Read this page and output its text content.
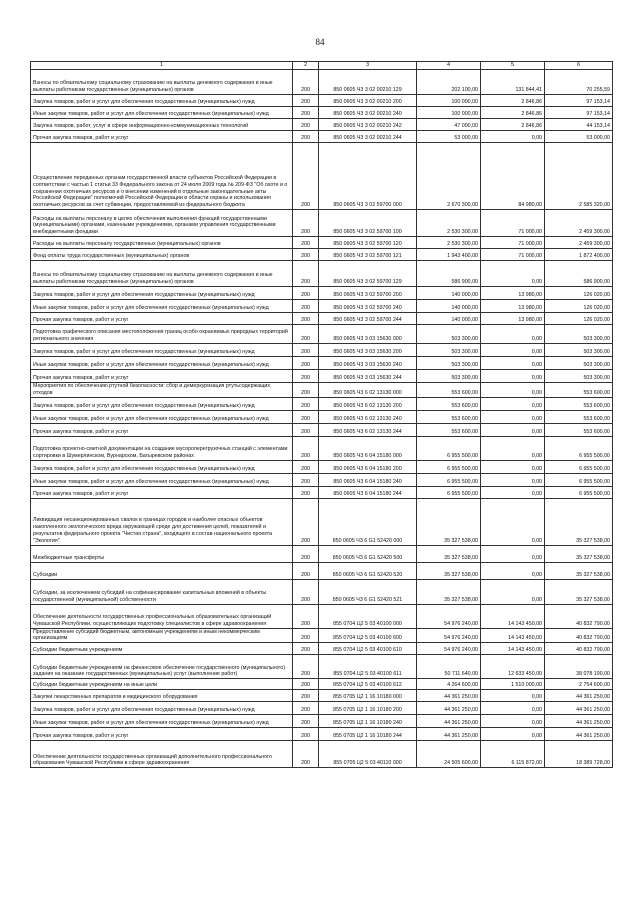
84
1	2	3	4	5	6
Взносы по обязательному социальному страхованию на выплаты денежного содержания и иные выплаты работникам государственных (муниципальных) органов	200	850 0605 Ч3 3 02 00210 129	202 100,00	131 844,41	70 255,59
Закупка товаров, работ и услуг для обеспечения государственных (муниципальных) нужд	200	850 0605 Ч3 3 02 00210 200	100 000,00	2 846,86	97 153,14
Иные закупки товаров, работ и услуг для обеспечения государственных (муниципальных) нужд	200	850 0605 Ч3 3 02 00210 240	100 000,00	2 846,86	97 153,14
Закупка товаров, работ, услуг в сфере информационно-коммуникационных технологий	200	850 0605 Ч3 3 02 00210 242	47 000,00	2 846,86	44 153,14
Прочая закупка товаров, работ и услуг	200	850 0605 Ч3 3 02 00210 244	53 000,00	0,00	53 000,00
Осуществление переданных органам государственной власти субъектов Российской Федерации в соответствии с частью 1 статьи 33 Федерального закона от 24 июля 2009 года № 209-ФЗ "Об охоте и о сохранении охотничьих ресурсов и о внесении изменений в отдельные законодательные акты Российской Федерации" полномочий Российской Федерации в области охраны и использования охотничьих ресурсов за счет субвенции, предоставляемой из федерального бюджета	200	850 0605 Ч3 3 02 59700 000	2 670 300,00	84 980,00	2 585 320,00
Расходы на выплаты персоналу в целях обеспечения выполнения функций государственными (муниципальными) органами, казенными учреждениями, органами управления государственными внебюджетными фондами	200	850 0605 Ч3 3 02 59700 100	2 530 300,00	71 000,00	2 459 300,00
Расходы на выплаты персоналу государственных (муниципальных) органов	200	850 0605 Ч3 3 02 59700 120	2 530 300,00	71 000,00	2 459 300,00
Фонд оплаты труда государственных (муниципальных) органов	200	850 0605 Ч3 3 02 59700 121	1 943 400,00	71 000,00	1 872 400,00
Взносы по обязательному социальному страхованию на выплаты денежного содержания и иные выплаты работникам государственных (муниципальных) органов	200	850 0605 Ч3 3 02 59700 129	586 900,00	0,00	586 900,00
Закупка товаров, работ и услуг для обеспечения государственных (муниципальных) нужд	200	850 0605 Ч3 3 02 59700 200	140 000,00	13 980,00	126 020,00
Иные закупки товаров, работ и услуг для обеспечения государственных (муниципальных) нужд	200	850 0605 Ч3 3 02 59700 240	140 000,00	13 980,00	126 020,00
Прочая закупка товаров, работ и услуг	200	850 0605 Ч3 3 02 59700 244	140 000,00	13 980,00	126 020,00
Подготовка графического описания местоположения границ особо охраняемых природных территорий регионального значения	200	850 0605 Ч3 3 03 15630 000	503 300,00	0,00	503 300,00
Закупка товаров, работ и услуг для обеспечения государственных (муниципальных) нужд	200	850 0605 Ч3 3 03 15630 200	503 300,00	0,00	503 300,00
Иные закупки товаров, работ и услуг для обеспечения государственных (муниципальных) нужд	200	850 0605 Ч3 3 03 15630 240	503 300,00	0,00	503 300,00
Прочая закупка товаров, работ и услуг	200	850 0605 Ч3 3 03 15630 244	503 300,00	0,00	503 300,00
Мероприятия по обеспечению ртутной безопасности: сбор и демеркуризация ртутьсодержащих отходов	200	850 0605 Ч3 6 02 13130 000	553 600,00	0,00	553 600,00
Закупка товаров, работ и услуг для обеспечения государственных (муниципальных) нужд	200	850 0605 Ч3 6 02 13130 200	553 600,00	0,00	553 600,00
Иные закупки товаров, работ и услуг для обеспечения государственных (муниципальных) нужд	200	850 0605 Ч3 6 02 13130 240	553 600,00	0,00	553 600,00
Прочая закупка товаров, работ и услуг	200	850 0605 Ч3 6 02 13130 244	553 600,00	0,00	553 600,00
Подготовка проектно-сметной документации на создание мусороперегрузочных станций с элементами сортировки в Шумерлинском, Вурнарском, Батыревском районах	200	850 0605 Ч3 6 04 15180 000	6 955 500,00	0,00	6 955 500,00
Закупка товаров, работ и услуг для обеспечения государственных (муниципальных) нужд	200	850 0605 Ч3 6 04 15180 200	6 955 500,00	0,00	6 955 500,00
Иные закупки товаров, работ и услуг для обеспечения государственных (муниципальных) нужд	200	850 0605 Ч3 6 04 15180 240	6 955 500,00	0,00	6 955 500,00
Прочая закупка товаров, работ и услуг	200	850 0605 Ч3 6 04 15180 244	6 955 500,00	0,00	6 955 500,00
Ликвидация несанкционированных свалок в границах городов и наиболее опасных объектов накопленного экологического вреда окружающей среде для достижения целей, показателей и результатов федерального проекта "Чистая страна", входящего в состав национального проекта "Экология"	200	850 0605 Ч3 6 G1 52420 000	35 327 538,00	0,00	35 327 538,00
Межбюджетные трансферты	200	850 0605 Ч3 6 G1 52420 500	35 327 538,00	0,00	35 327 538,00
Субсидии	200	850 0605 Ч3 6 G1 52420 520	35 327 538,00	0,00	35 327 538,00
Субсидии, за исключением субсидий на софинансирование капитальных вложений в объекты государственной (муниципальной) собственности	200	850 0605 Ч3 6 G1 52420 521	35 327 538,00	0,00	35 327 538,00
Обеспечение деятельности государственных профессиональных образовательных организаций Чувашской Республики, осуществляющих подготовку специалистов в сфере здравоохранения	200	855 0704 Ц2 5 03 40100 000	54 976 240,00	14 143 450,00	40 832 790,00
Предоставление субсидий бюджетным, автономным учреждениям и иным некоммерческим организациям	200	855 0704 Ц2 5 03 40100 600	54 976 240,00	14 143 450,00	40 832 790,00
Субсидии бюджетным учреждениям	200	855 0704 Ц2 5 03 40100 610	54 976 240,00	14 143 450,00	40 832 790,00
Субсидии бюджетным учреждениям на финансовое обеспечение государственного (муниципального) задания на оказание государственных (муниципальных) услуг (выполнение работ)	200	855 0704 Ц2 5 03 40100 611	50 711 640,00	12 633 450,00	38 078 190,00
Субсидии бюджетным учреждениям на иные цели	200	855 0704 Ц2 5 03 40100 612	4 264 600,00	1 510 000,00	2 754 600,00
Закупки лекарственных препаратов и медицинского оборудования	200	855 0705 Ц2 1 16 10180 000	44 361 250,00	0,00	44 361 250,00
Закупка товаров, работ и услуг для обеспечения государственных (муниципальных) нужд	200	855 0705 Ц2 1 16 10180 200	44 361 250,00	0,00	44 361 250,00
Иные закупки товаров, работ и услуг для обеспечения государственных (муниципальных) нужд	200	855 0705 Ц2 1 16 10180 240	44 361 250,00	0,00	44 361 250,00
Прочая закупка товаров, работ и услуг	200	855 0705 Ц2 1 16 10180 244	44 361 250,00	0,00	44 361 250,00
Обеспечение деятельности государственных организаций дополнительного профессионального образования Чувашской Республики в сфере здравоохранения	200	855 0705 Ц2 5 03 40110 000	24 505 600,00	6 115 872,00	18 389 728,00
